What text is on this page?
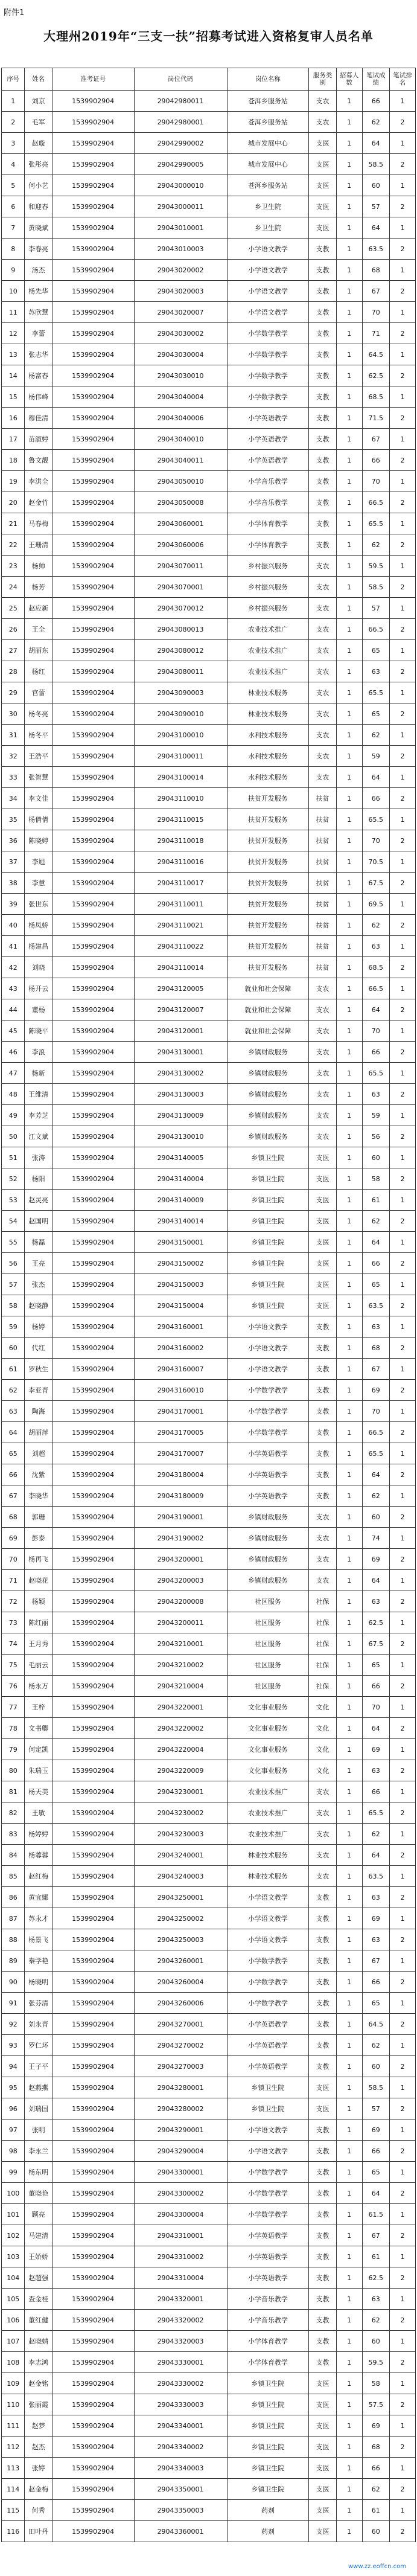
附件1
大理州2019年“三支一扶”招募考试进入资格复审人员名单
序号	姓名	准考证号	岗位代码	岗位名称	服务类别	招募人数	笔试成绩	笔试排名
1	刘京	1539902904	29042980011	苍洱乡服务站	支农	1	66	1
2	毛军	1539902904	29042980001	苍洱乡服务站	支农	1	62	2
3	赵璇	1539902904	29042990002	城市发展中心	支医	1	64	1
4	张彤亮	1539902904	29042990005	城市发展中心	支医	1	58.5	2
5	何小艺	1539902904	29043000010	苍洱乡服务站	支医	1	60	1
6	和迎春	1539902904	29043000011	乡卫生院	支医	1	57	2
7	黄晓斌	1539902904	29043010001	乡卫生院	支医	1	64	1
8	李春亮	1539902904	29043010003	小学语文教学	支教	1	63.5	2
9	汤杰	1539902904	29043020002	小学语文教学	支教	1	68	1
10	杨先华	1539902904	29043020003	小学语文教学	支教	1	67	2
11	苏欣慧	1539902904	29043020007	小学语文教学	支教	1	70	1
12	李蕾	1539902904	29043030002	小学数学教学	支教	1	71	2
13	张志华	1539902904	29043030004	小学数学教学	支教	1	64.5	1
14	杨富春	1539902904	29043030010	小学数学教学	支教	1	62.5	2
15	杨伟峰	1539902904	29043040004	小学数学教学	支教	1	68.5	1
16	穆佳清	1539902904	29043040006	小学英语教学	支教	1	71.5	2
17	苗淑婷	1539902904	29043040010	小学英语教学	支教	1	67	1
18	鲁文靓	1539902904	29043040011	小学英语教学	支教	1	66	2
19	李洪全	1539902904	29043050010	小学音乐教学	支教	1	70	1
20	赵金竹	1539902904	29043050008	小学音乐教学	支教	1	66.5	2
21	马春梅	1539902904	29043060001	小学体育教学	支教	1	65.5	1
22	王珊清	1539902904	29043060006	小学体育教学	支教	1	62	2
23	杨帅	1539902904	29043070011	乡村振兴服务	支农	1	59.5	1
24	杨芳	1539902904	29043070001	乡村振兴服务	支农	1	58.5	2
25	赵应新	1539902904	29043070012	乡村振兴服务	支农	1	57	1
26	王全	1539902904	29043080013	农业技术推广	支农	1	66.5	2
27	胡丽东	1539902904	29043080012	农业技术推广	支农	1	65	1
28	杨红	1539902904	29043080011	农业技术推广	支农	1	63	2
29	官蕾	1539902904	29043090003	林业技术服务	支农	1	65.5	1
30	杨冬亮	1539902904	29043090010	林业技术服务	支农	1	65	2
31	杨冬平	1539902904	29043100010	水利技术服务	支农	1	62	1
32	王浩平	1539902904	29043100011	水利技术服务	支农	1	59	2
33	张智慧	1539902904	29043100014	水利技术服务	支农	1	64	1
34	李文佳	1539902904	29043110010	扶贫开发服务	扶贫	1	66	2
35	杨倩倩	1539902904	29043110015	扶贫开发服务	扶贫	1	65.5	1
36	陈晓婷	1539902904	29043110018	扶贫开发服务	扶贫	1	70	2
37	李旭	1539902904	29043110016	扶贫开发服务	扶贫	1	70.5	1
38	李慧	1539902904	29043110017	扶贫开发服务	扶贫	1	67.5	2
39	张世东	1539902904	29043110011	扶贫开发服务	扶贫	1	69.5	1
40	杨凤娇	1539902904	29043110021	扶贫开发服务	扶贫	1	62	2
41	杨建昌	1539902904	29043110022	扶贫开发服务	扶贫	1	63	1
42	刘晓	1539902904	29043110014	扶贫开发服务	扶贫	1	68.5	2
43	杨开云	1539902904	29043120005	就业和社会保障	支农	1	66.5	1
44	董杨	1539902904	29043120007	就业和社会保障	支农	1	64	2
45	陈晓平	1539902904	29043120001	就业和社会保障	支农	1	70	1
46	李浪	1539902904	29043130001	乡镇财政服务	支农	1	66	2
47	杨新	1539902904	29043130002	乡镇财政服务	支农	1	65.5	1
48	王维清	1539902904	29043130003	乡镇财政服务	支农	1	63	2
49	李芳芝	1539902904	29043130009	乡镇财政服务	支农	1	59	1
50	江文斌	1539902904	29043130010	乡镇财政服务	支农	1	56	2
51	张涛	1539902904	29043140005	乡镇卫生院	支医	1	60	1
52	杨阳	1539902904	29043140004	乡镇卫生院	支医	1	58	2
53	赵灵亮	1539902904	29043140009	乡镇卫生院	支医	1	61	1
54	赵国明	1539902904	29043140014	乡镇卫生院	支医	1	62	2
55	杨磊	1539902904	29043150001	乡镇卫生院	支医	1	64	1
56	王亮	1539902904	29043150002	乡镇卫生院	支医	1	66	2
57	张杰	1539902904	29043150003	乡镇卫生院	支医	1	65	1
58	赵晓静	1539902904	29043150004	乡镇卫生院	支医	1	63.5	2
59	杨婷	1539902904	29043160001	小学语文教学	支教	1	63	1
60	代红	1539902904	29043160002	小学语文教学	支教	1	68	2
61	罗秋生	1539902904	29043160007	小学语文教学	支教	1	67	1
62	李亚青	1539902904	29043160010	小学数学教学	支教	1	69	2
63	陶海	1539902904	29043170001	小学数学教学	支教	1	70	1
64	胡丽萍	1539902904	29043170005	小学数学教学	支教	1	66.5	2
65	刘超	1539902904	29043170007	小学英语教学	支教	1	65.5	1
66	沈紫	1539902904	29043180004	小学英语教学	支教	1	64	2
67	李晓华	1539902904	29043180009	小学英语教学	支教	1	62	1
68	郭珊	1539902904	29043190001	乡镇财政服务	支农	1	60	2
69	彭泰	1539902904	29043190002	乡镇财政服务	支农	1	74	1
70	杨再飞	1539902904	29043200001	乡镇财政服务	支农	1	69	2
71	赵晓花	1539902904	29043200003	乡镇财政服务	支农	1	64	1
72	杨颖	1539902904	29043200008	社区服务	社保	1	63	2
73	陈红丽	1539902904	29043200011	社区服务	社保	1	62.5	1
74	王月秀	1539902904	29043210001	社区服务	社保	1	67.5	2
75	毛丽云	1539902904	29043210002	社区服务	社保	1	65	1
76	杨永万	1539902904	29043210004	社区服务	社保	1	66	2
77	王梓	1539902904	29043220001	文化事业服务	文化	1	70	1
78	文书卿	1539902904	29043220002	文化事业服务	文化	1	64	2
79	何定凯	1539902904	29043220004	文化事业服务	文化	1	69	1
80	朱瑞玉	1539902904	29043220009	文化事业服务	文化	1	63	2
81	杨天美	1539902904	29043230001	农业技术推广	支农	1	66	1
82	王敏	1539902904	29043230002	农业技术推广	支农	1	65.5	2
83	杨婷婷	1539902904	29043230003	农业技术推广	支农	1	62	1
84	杨蓉蓉	1539902904	29043240001	林业技术服务	支农	1	64	2
85	赵红梅	1539902904	29043240003	林业技术服务	支农	1	63.5	1
86	黄宜娜	1539902904	29043250001	小学语文教学	支教	1	63	2
87	苏永才	1539902904	29043250002	小学语文教学	支教	1	69	1
88	杨景飞	1539902904	29043250003	小学语文教学	支教	1	63	2
89	秦学艳	1539902904	29043260001	小学数学教学	支教	1	67	1
90	杨晓明	1539902904	29043260004	小学数学教学	支教	1	66	2
91	张芬清	1539902904	29043260006	小学数学教学	支教	1	65	1
92	刘永青	1539902904	29043270001	小学英语教学	支教	1	64.5	2
93	罗仁环	1539902904	29043270002	小学英语教学	支教	1	62	1
94	王子平	1539902904	29043270003	小学英语教学	支教	1	60	2
95	赵燕燕	1539902904	29043280001	乡镇卫生院	支医	1	58.5	1
96	刘瑞国	1539902904	29043280002	乡镇卫生院	支医	1	57	2
97	张明	1539902904	29043290001	小学语文教学	支教	1	69	1
98	李永兰	1539902904	29043290004	小学语文教学	支教	1	66	2
99	杨东明	1539902904	29043300001	小学数学教学	支教	1	65	1
100	董晓艳	1539902904	29043300002	小学数学教学	支教	1	64	2
101	顾亮	1539902904	29043300004	小学数学教学	支教	1	61.5	1
102	马建清	1539902904	29043310001	小学英语教学	支教	1	67	2
103	王娇娇	1539902904	29043310002	小学英语教学	支教	1	61	1
104	赵超强	1539902904	29043310004	小学英语教学	支教	1	62.5	2
105	查金桂	1539902904	29043320001	小学音乐教学	支教	1	63	1
106	董红健	1539902904	29043320002	小学音乐教学	支教	1	62	2
107	赵晓婧	1539902904	29043320003	小学体育教学	支教	1	60	1
108	李志鸿	1539902904	29043330001	小学体育教学	支教	1	59.5	2
109	赵金铭	1539902904	29043330002	乡镇卫生院	支医	1	58	1
110	张丽霞	1539902904	29043330003	乡镇卫生院	支医	1	57.5	2
111	赵梦	1539902904	29043340001	乡镇卫生院	支医	1	69	1
112	赵杰	1539902904	29043340002	乡镇卫生院	支医	1	68	2
113	张婷	1539902904	29043340003	乡镇卫生院	支医	1	66	1
114	赵金梅	1539902904	29043350001	乡镇卫生院	支医	1	62	2
115	何秀	1539902904	29043350003	药剂	支医	1	61	1
116	田叶丹	1539902904	29043360001	药剂	支医	1	60	2
www.zz.eoffcn.com
